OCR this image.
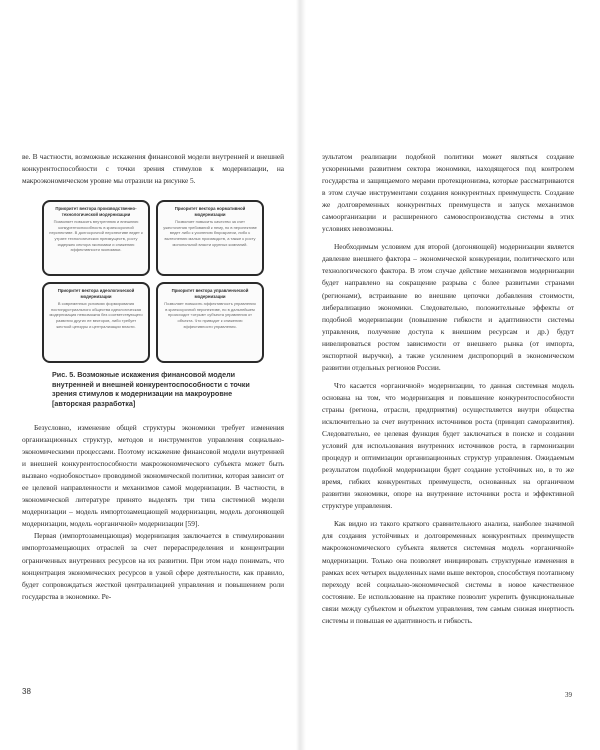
ве. В частности, возможные искажения финансовой модели внутренней и внешней конкурентоспособности с точки зрения стимулов к модернизации, на макроэкономическом уровне мы отразили на рисунке 5.

Приоритет вектора производственно-технологической модернизации
Позволяет повысить внутреннюю и внешнюю конкурентоспособность в краткосрочной перспективе. В долгосрочной перспективе ведет к утрате технологических преимуществ, росту издержек сектора экономики и снижению эффективности экономики.
Приоритет вектора нормативной модернизации
Позволяет повысить качество за счет ужесточения требований к нему, но в перспективе ведет либо к усилению бюрократии, либо к вытеснению малых производств, а также к росту монопольной власти крупных компаний.
Приоритет вектора идеологической модернизации
В современных условиях формирования постиндустриального общества идеологическая модернизация невозможна без соответствующего развития других ее векторов, либо требует жесткой цензуры и централизации власти.
Приоритет вектора управленческой модернизации
Позволяет повысить эффективность управления в краткосрочной перспективе, но в дальнейшем происходит «отрыв» субъекта управления от объекта. Что приводит к снижению эффективности управления.
Рис. 5. Возможные искажения финансовой модели внутренней и внешней конкурентоспособности с точки зрения стимулов к модернизации на макроуровне [авторская разработка]

Безусловно, изменение общей структуры экономики требует изменения организационных структур, методов и инструментов управления социально-экономическими процессами. Поэтому искажение финансовой модели внутренней и внешней конкурентоспособности макроэкономического субъекта может быть вызвано «однобокостью» проводимой экономической политики, которая зависит от ее целевой направленности и механизмов самой модернизации. В частности, в экономической литературе принято выделять три типа системной модели модернизации – модель импортозамещающей модернизации, модель догоняющей модернизации, модель «органичной» модернизации [59].

Первая (импортозамещающая) модернизация заключается в стимулировании импортозамещающих отраслей за счет перераспределения и концентрации ограниченных внутренних ресурсов на их развитии. При этом надо понимать, что концентрация экономических ресурсов в узкой сфере деятельности, как правило, будет сопровождаться жесткой централизацией управления и повышением роли государства в экономике. Ре-

38

зультатом реализации подобной политики может являться создание ускоренными развитием сектора экономики, находящегося под контролем государства и защищаемого мерами протекционизма, которые рассматриваются в этом случае инструментами создания конкурентных преимуществ. Создание же долговременных конкурентных преимуществ и запуск механизмов самоорганизации и расширенного самовоспроизводства системы в этих условиях невозможны.

Необходимым условием для второй (догоняющей) модернизации является давление внешнего фактора – экономической конкуренции, политического или технологического фактора. В этом случае действие механизмов модернизации будет направлено на сокращение разрыва с более развитыми странами (регионами), встраивание во внешние цепочки добавления стоимости, либерализацию экономики. Следовательно, положительные эффекты от подобной модернизации (повышение гибкости и адаптивности системы управления, получение доступа к внешним ресурсам и др.) будут нивелироваться ростом зависимости от внешнего рынка (от импорта, экспортной выручки), а также усилением диспропорций в экономическом развитии отдельных регионов России.

Что касается «органичной» модернизации, то данная системная модель основана на том, что модернизация и повышение конкурентоспособности страны (региона, отрасли, предприятия) осуществляется внутри общества исключительно за счет внутренних источников роста (принцип саморазвития). Следовательно, ее целевая функция будет заключаться в поиске и создании условий для использования внутренних источников роста, в гармонизации процедур и оптимизации организационных структур управления. Ожидаемым результатом подобной модернизации будет создание устойчивых но, в то же время, гибких конкурентных преимуществ, основанных на органичном развитии экономики, опоре на внутренние источники роста и эффективной структуре управления.

Как видно из такого краткого сравнительного анализа, наиболее значимой для создания устойчивых и долговременных конкурентных преимуществ макроэкономического субъекта является системная модель «органичной» модернизации. Только она позволяет инициировать структурные изменения в рамках всех четырех выделенных нами выше векторов, способствуя поэтапному переходу всей социально-экономической системы в новое качественное состояние. Ее использование на практике позволит укрепить функциональные связи между субъектом и объектом управления, тем самым снижая инертность системы и повышая ее адаптивность и гибкость.

39
